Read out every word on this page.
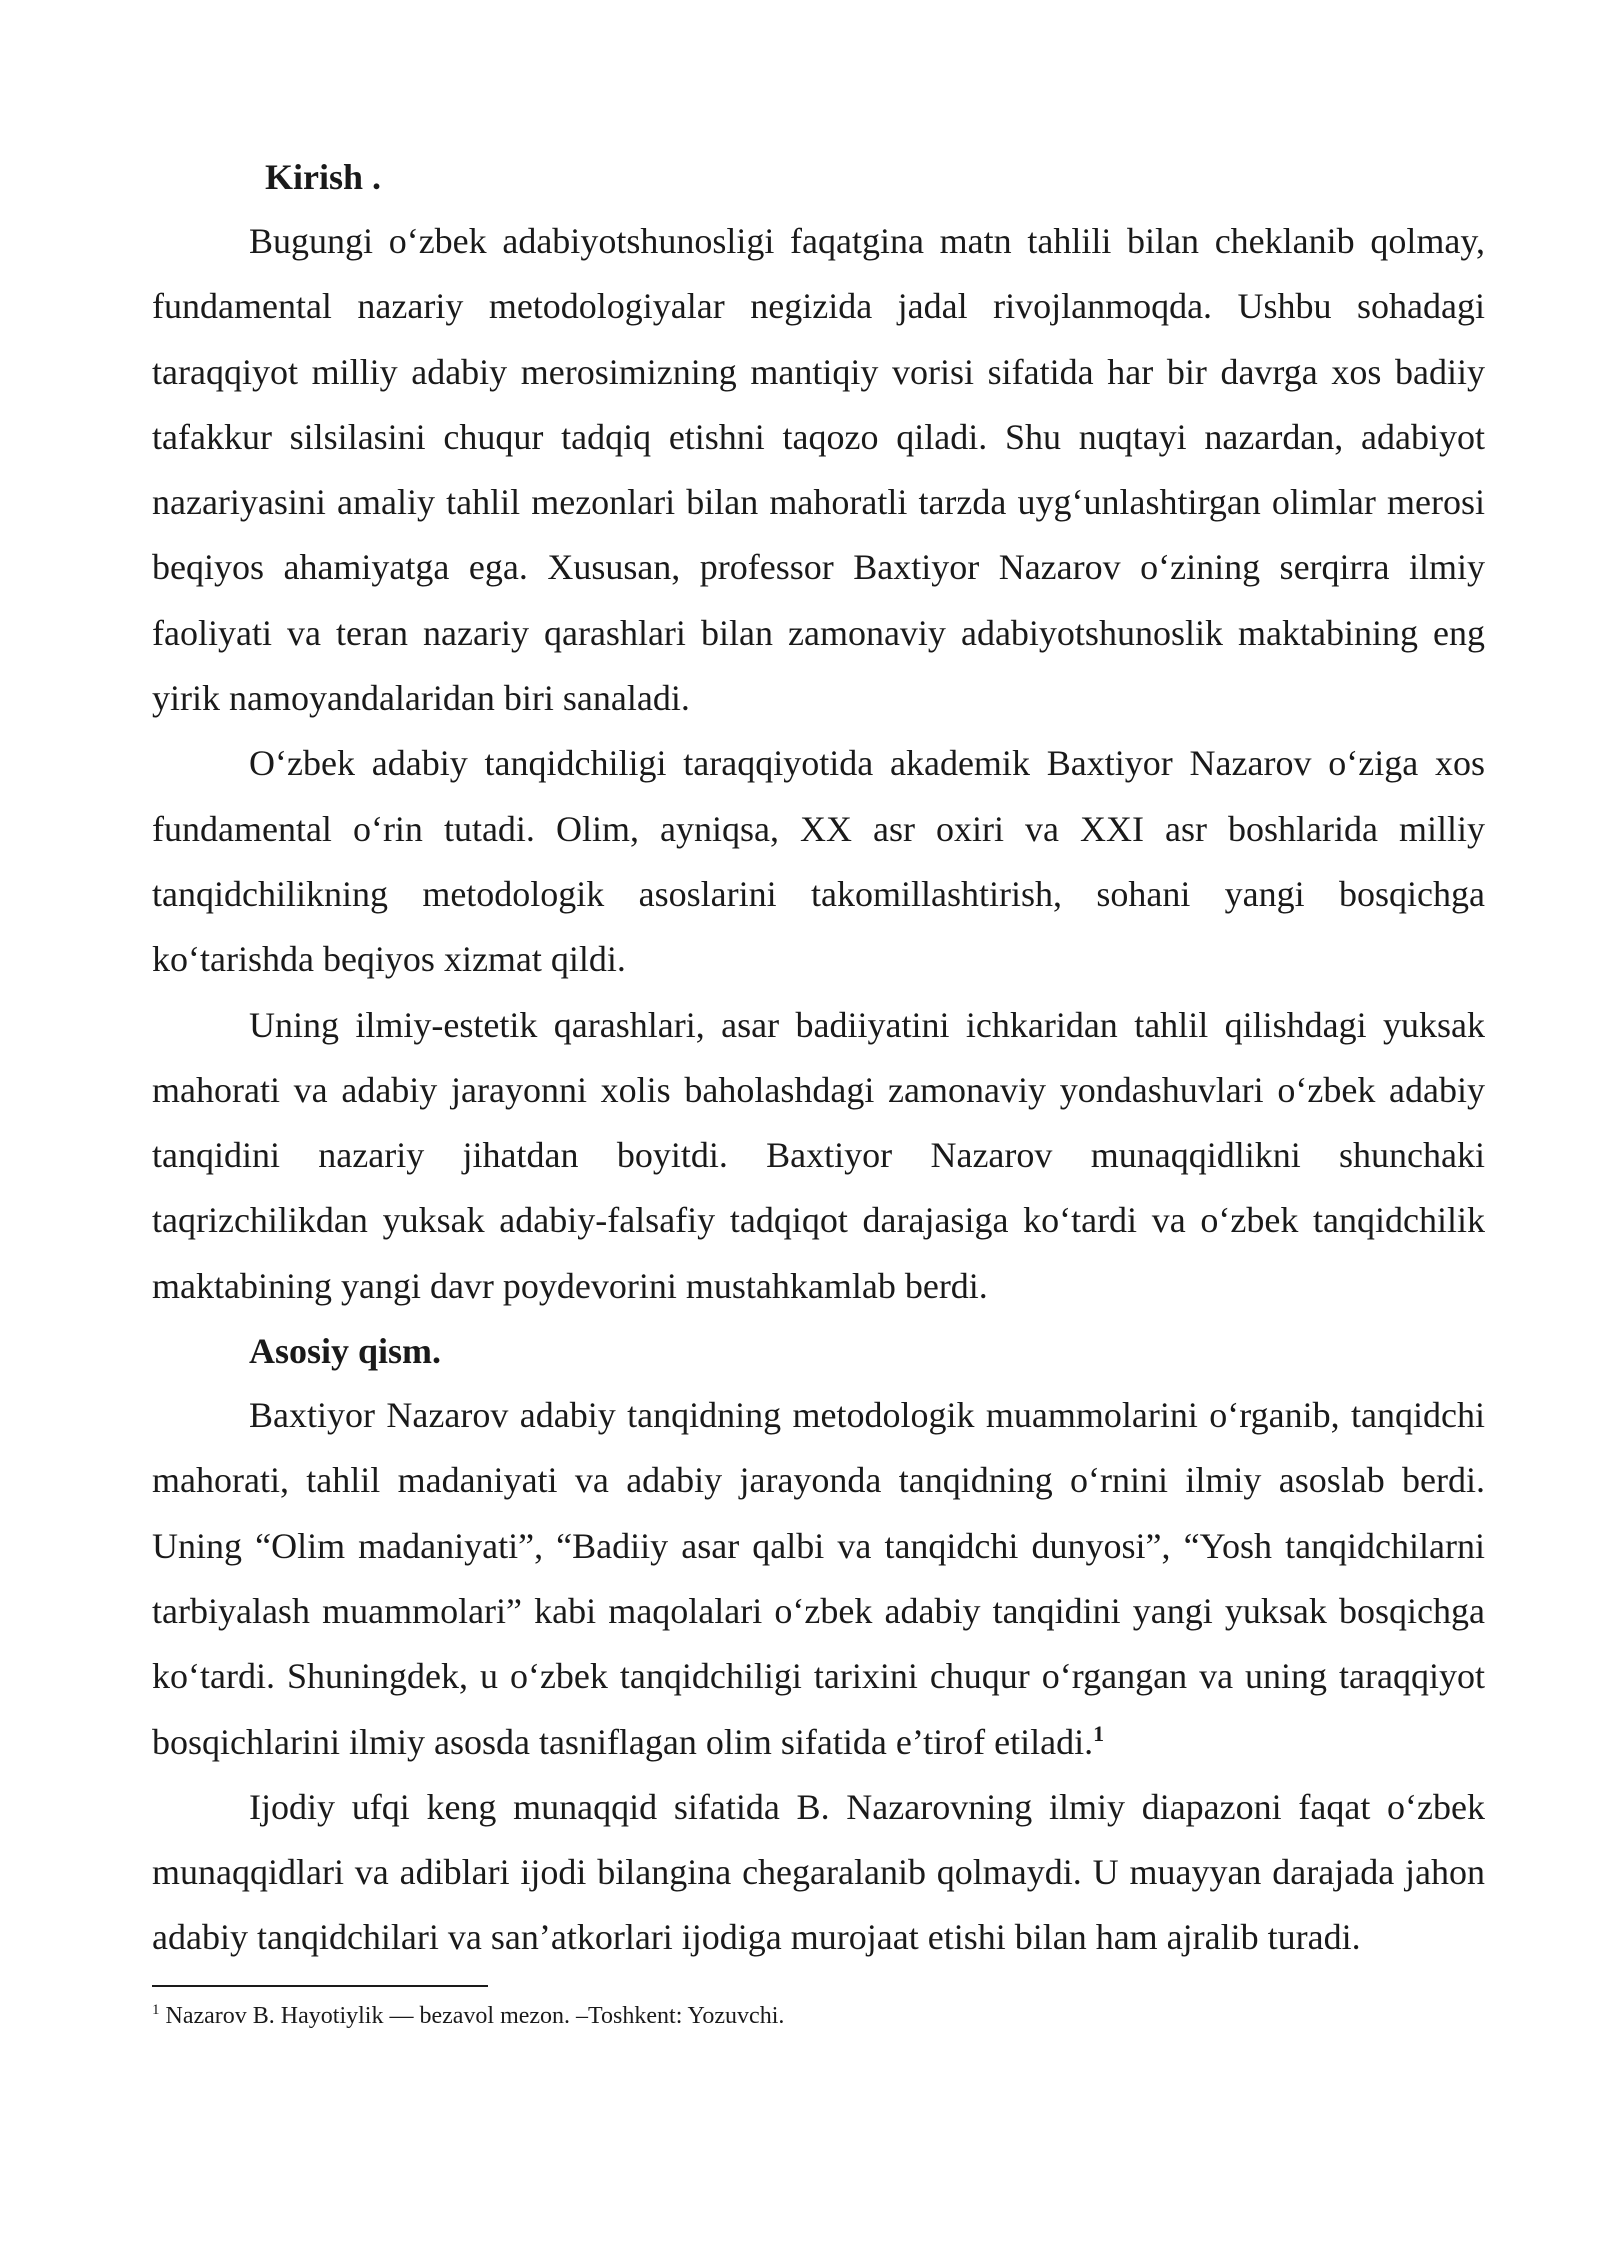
Kirish .

Bugungi o‘zbek adabiyotshunosligi faqatgina matn tahlili bilan cheklanib qolmay, fundamental nazariy metodologiyalar negizida jadal rivojlanmoqda. Ushbu sohadagi taraqqiyot milliy adabiy merosimizning mantiqiy vorisi sifatida har bir davrga xos badiiy tafakkur silsilasini chuqur tadqiq etishni taqozo qiladi. Shu nuqtayi nazardan, adabiyot nazariyasini amaliy tahlil mezonlari bilan mahoratli tarzda uyg‘unlashtirgan olimlar merosi beqiyos ahamiyatga ega. Xususan, professor Baxtiyor Nazarov o‘zining serqirra ilmiy faoliyati va teran nazariy qarashlari bilan zamonaviy adabiyotshunoslik maktabining eng yirik namoyandalaridan biri sanaladi.

O‘zbek adabiy tanqidchiligi taraqqiyotida akademik Baxtiyor Nazarov o‘ziga xos fundamental o‘rin tutadi. Olim, ayniqsa, XX asr oxiri va XXI asr boshlarida milliy tanqidchilikning metodologik asoslarini takomillashtirish, sohani yangi bosqichga ko‘tarishda beqiyos xizmat qildi.

Uning ilmiy-estetik qarashlari, asar badiiyatini ichkaridan tahlil qilishdagi yuksak mahorati va adabiy jarayonni xolis baholashdagi zamonaviy yondashuvlari o‘zbek adabiy tanqidini nazariy jihatdan boyitdi. Baxtiyor Nazarov munaqqidlikni shunchaki taqrizchilikdan yuksak adabiy-falsafiy tadqiqot darajasiga ko‘tardi va o‘zbek tanqidchilik maktabining yangi davr poydevorini mustahkamlab berdi.

Asosiy qism.

Baxtiyor Nazarov adabiy tanqidning metodologik muammolarini o‘rganib, tanqidchi mahorati, tahlil madaniyati va adabiy jarayonda tanqidning o‘rnini ilmiy asoslab berdi. Uning “Olim madaniyati”, “Badiiy asar qalbi va tanqidchi dunyosi”, “Yosh tanqidchilarni tarbiyalash muammolari” kabi maqolalari o‘zbek adabiy tanqidini yangi yuksak bosqichga ko‘tardi. Shuningdek, u o‘zbek tanqidchiligi tarixini chuqur o‘rgangan va uning taraqqiyot bosqichlarini ilmiy asosda tasniflagan olim sifatida e’tirof etiladi.$^1$

Ijodiy ufqi keng munaqqid sifatida B. Nazarovning ilmiy diapazoni faqat o‘zbek munaqqidlari va adiblari ijodi bilangina chegaralanib qolmaydi. U muayyan darajada jahon adabiy tanqidchilari va san’atkorlari ijodiga murojaat etishi bilan ham ajralib turadi.

$^1$ Nazarov B. Hayotiylik — bezavol mezon. –Toshkent: Yozuvchi.
